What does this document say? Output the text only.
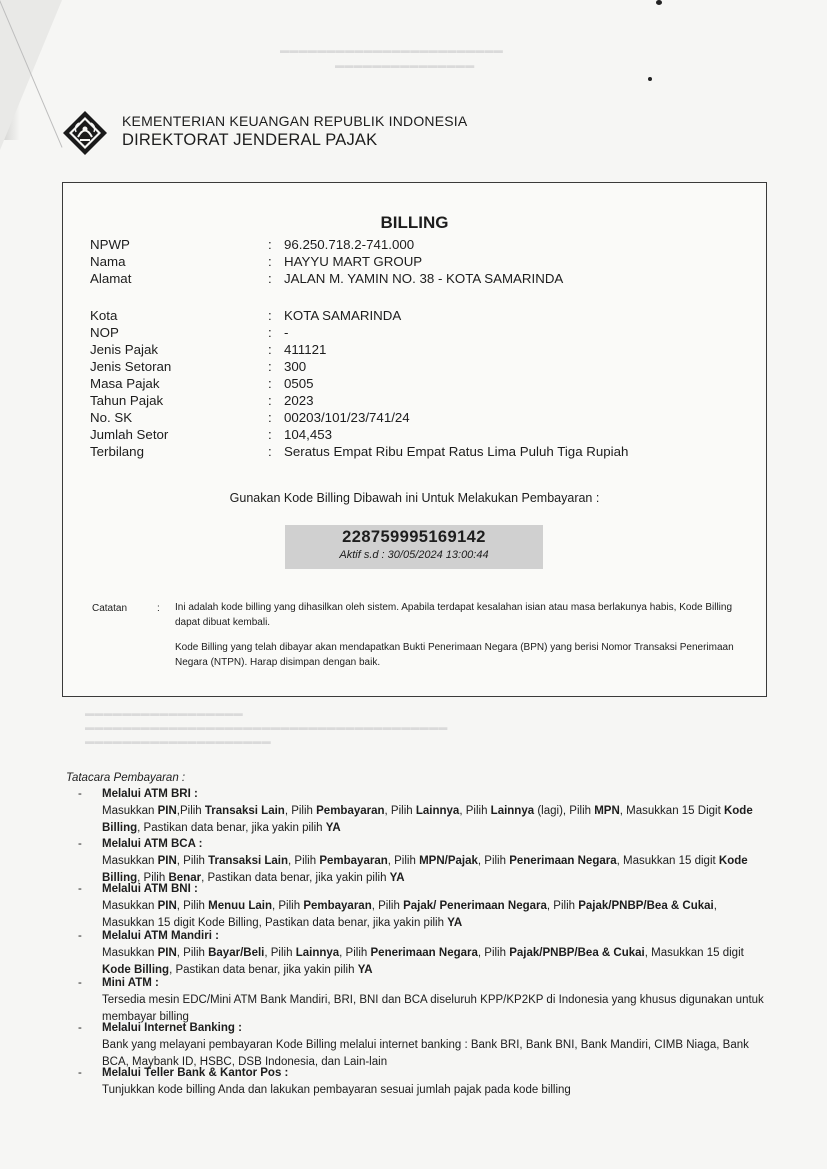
▬▬▬▬▬▬▬▬▬▬▬▬▬▬▬▬▬▬▬▬▬▬▬▬
▬▬▬▬▬▬▬▬▬▬▬▬▬▬▬
▬▬▬▬▬▬▬▬▬▬▬▬▬▬▬▬▬
▬▬▬▬▬▬▬▬▬▬▬▬▬▬▬▬▬▬▬▬▬▬▬▬▬▬▬▬▬▬▬▬▬▬▬▬▬▬▬
▬▬▬▬▬▬▬▬▬▬▬▬▬▬▬▬▬▬▬▬
KEMENTERIAN KEUANGAN REPUBLIK INDONESIA
DIREKTORAT JENDERAL PAJAK
BILLING
NPWP	: 96.250.718.2-741.000
Nama	: HAYYU MART GROUP
Alamat	: JALAN M. YAMIN NO. 38 - KOTA SAMARINDA
Kota	: KOTA SAMARINDA
NOP	: -
Jenis Pajak	: 411121
Jenis Setoran	: 300
Masa Pajak	: 0505
Tahun Pajak	: 2023
No. SK	: 00203/101/23/741/24
Jumlah Setor	: 104,453
Terbilang	: Seratus Empat Ribu Empat Ratus Lima Puluh Tiga Rupiah
Gunakan Kode Billing Dibawah ini Untuk Melakukan Pembayaran :
228759995169142
Aktif s.d : 30/05/2024 13:00:44
Catatan	: Ini adalah kode billing yang dihasilkan oleh sistem. Apabila terdapat kesalahan isian atau masa berlakunya habis, Kode Billing dapat dibuat kembali.
Kode Billing yang telah dibayar akan mendapatkan Bukti Penerimaan Negara (BPN) yang berisi Nomor Transaksi Penerimaan Negara (NTPN). Harap disimpan dengan baik.
Tatacara Pembayaran :
- Melalui ATM BRI :
Masukkan PIN,Pilih Transaksi Lain, Pilih Pembayaran, Pilih Lainnya, Pilih Lainnya (lagi), Pilih MPN, Masukkan 15 Digit Kode Billing, Pastikan data benar, jika yakin pilih YA
- Melalui ATM BCA :
Masukkan PIN, Pilih Transaksi Lain, Pilih Pembayaran, Pilih MPN/Pajak, Pilih Penerimaan Negara, Masukkan 15 digit Kode Billing, Pilih Benar, Pastikan data benar, jika yakin pilih YA
- Melalui ATM BNI :
Masukkan PIN, Pilih Menuu Lain, Pilih Pembayaran, Pilih Pajak/ Penerimaan Negara, Pilih Pajak/PNBP/Bea & Cukai, Masukkan 15 digit Kode Billing, Pastikan data benar, jika yakin pilih YA
- Melalui ATM Mandiri :
Masukkan PIN, Pilih Bayar/Beli, Pilih Lainnya, Pilih Penerimaan Negara, Pilih Pajak/PNBP/Bea & Cukai, Masukkan 15 digit Kode Billing, Pastikan data benar, jika yakin pilih YA
- Mini ATM :
Tersedia mesin EDC/Mini ATM Bank Mandiri, BRI, BNI dan BCA diseluruh KPP/KP2KP di Indonesia yang khusus digunakan untuk membayar billing
- Melalui Internet Banking :
Bank yang melayani pembayaran Kode Billing melalui internet banking : Bank BRI, Bank BNI, Bank Mandiri, CIMB Niaga, Bank BCA, Maybank ID, HSBC, DSB Indonesia, dan Lain-lain
- Melalui Teller Bank & Kantor Pos :
Tunjukkan kode billing Anda dan lakukan pembayaran sesuai jumlah pajak pada kode billing
